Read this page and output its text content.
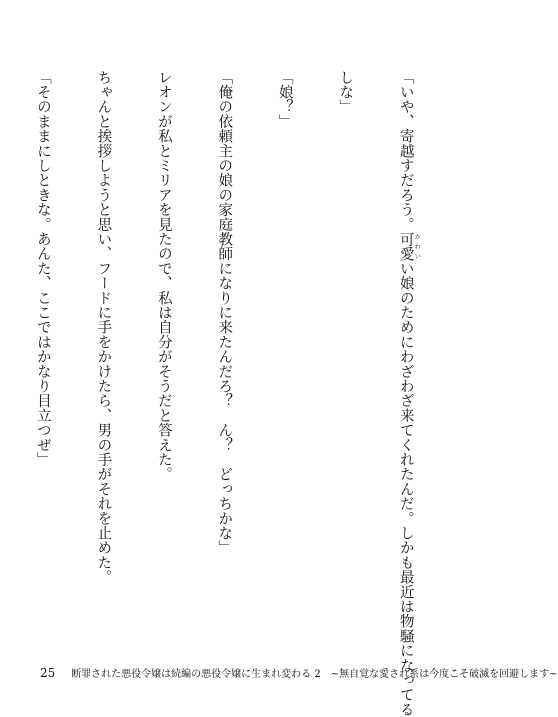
「いや、寄越すだろう。可愛 かわいい娘のためにわざわざ来てくれたんだ。しかも最近は物騒になってる

しな」

「娘？」

「俺の依頼主の娘の家庭教師になりに来たんだろ？　ん？　どっちかな」

レオンが私とミリアを見たので、私は自分がそうだと答えた。

ちゃんと挨拶しようと思い、フードに手をかけたら、男の手がそれを止めた。

「そのままにしときな。あんた、ここではかなり目立つぜ」

25 断罪された悪役令嬢は続編の悪役令嬢に生まれ変わる 2　~無自覚な愛され系は今度こそ破滅を回避します~
